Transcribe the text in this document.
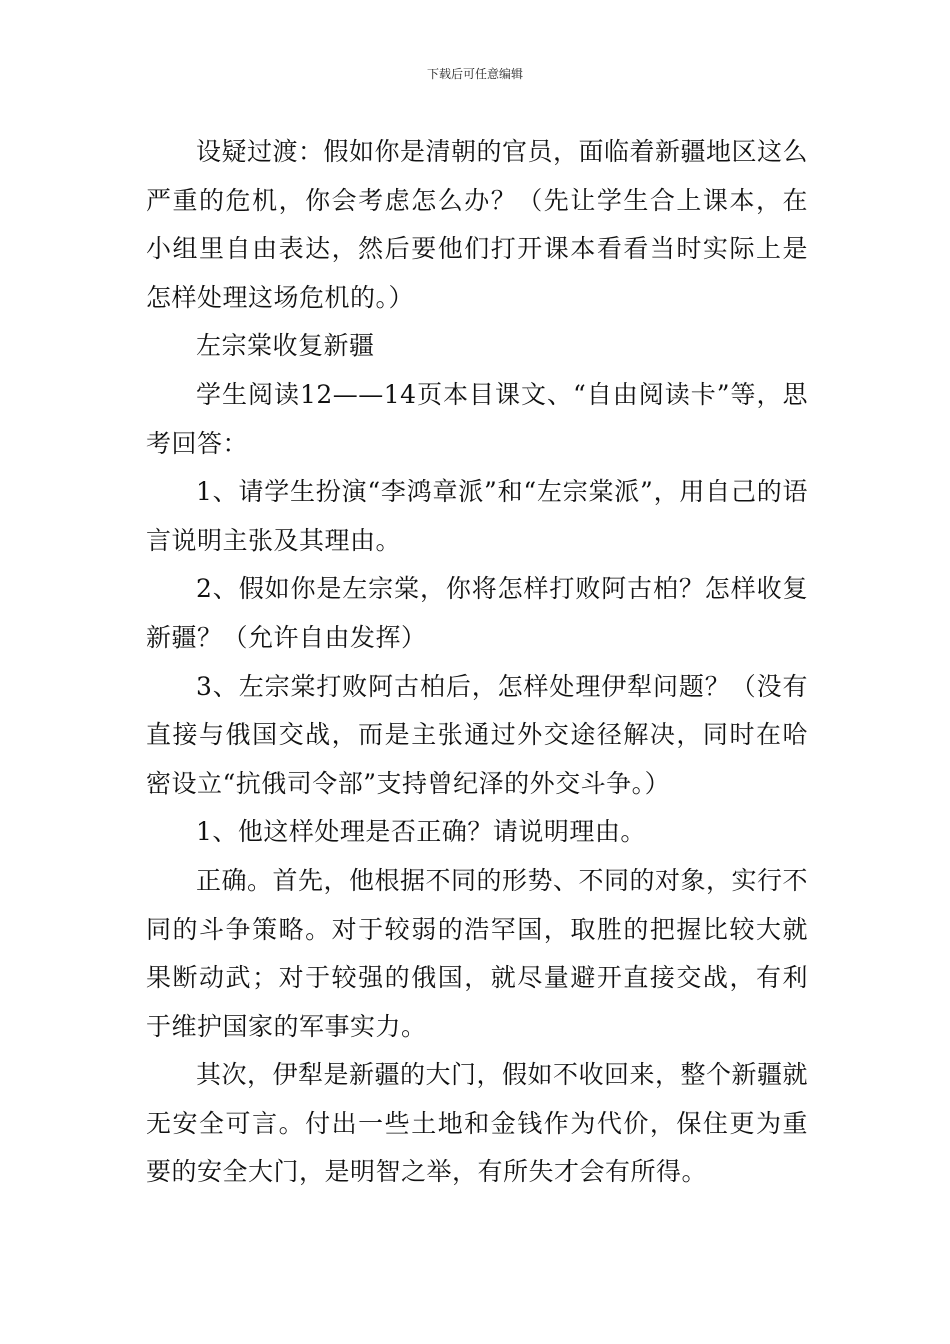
下载后可任意编辑

设疑过渡：假如你是清朝的官员，面临着新疆地区这么严重的危机，你会考虑怎么办？（先让学生合上课本，在小组里自由表达，然后要他们打开课本看看当时实际上是怎样处理这场危机的。）

左宗棠收复新疆

学生阅读12——14页本目课文、“自由阅读卡”等，思考回答：

1、请学生扮演“李鸿章派”和“左宗棠派”，用自己的语言说明主张及其理由。

2、假如你是左宗棠，你将怎样打败阿古柏？怎样收复新疆？（允许自由发挥）

3、左宗棠打败阿古柏后，怎样处理伊犁问题？（没有直接与俄国交战，而是主张通过外交途径解决，同时在哈密设立“抗俄司令部”支持曾纪泽的外交斗争。）

1、他这样处理是否正确？请说明理由。

正确。首先，他根据不同的形势、不同的对象，实行不同的斗争策略。对于较弱的浩罕国，取胜的把握比较大就果断动武；对于较强的俄国，就尽量避开直接交战，有利于维护国家的军事实力。

其次，伊犁是新疆的大门，假如不收回来，整个新疆就无安全可言。付出一些土地和金钱作为代价，保住更为重要的安全大门，是明智之举，有所失才会有所得。
